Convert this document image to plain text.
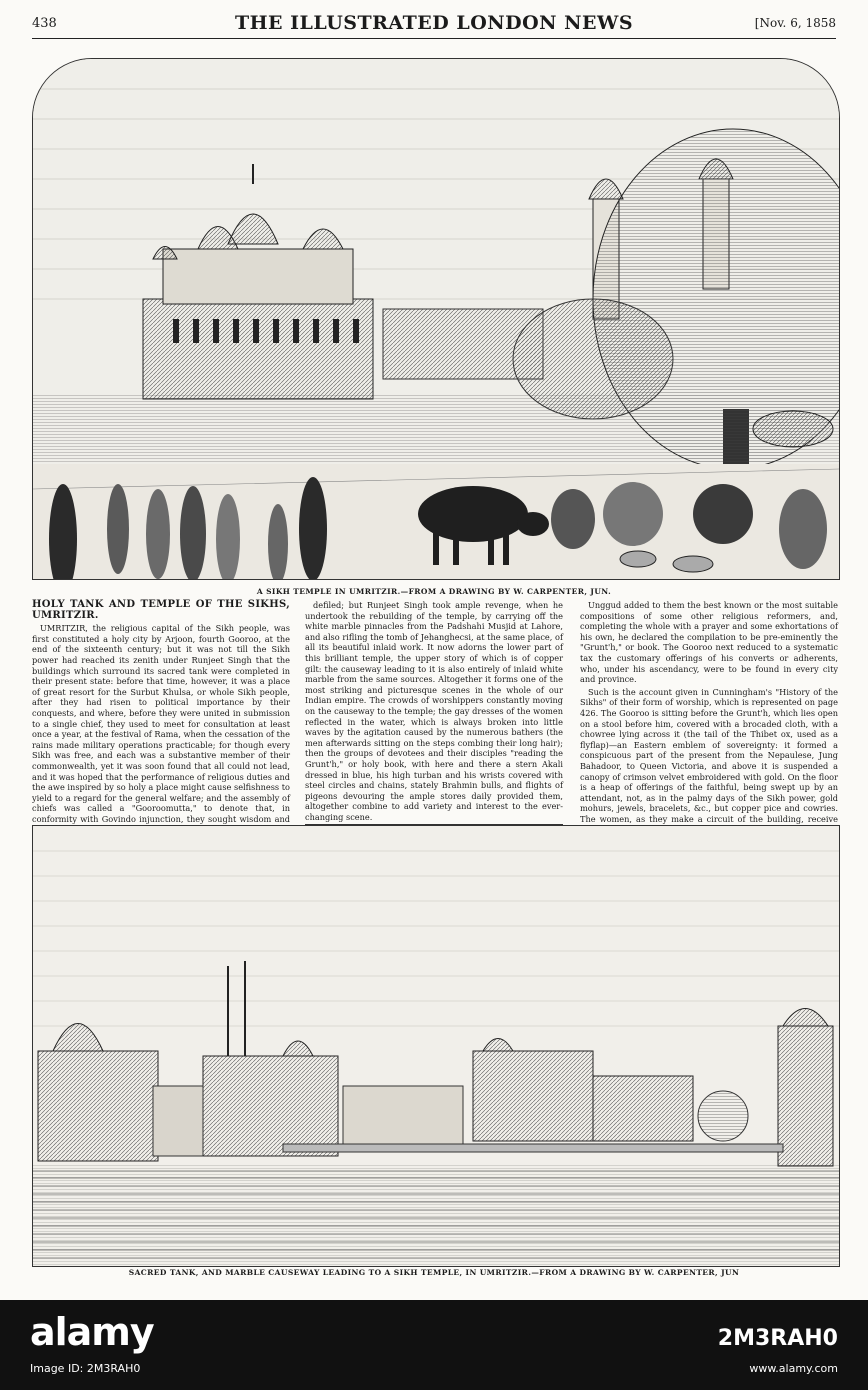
438	THE ILLUSTRATED LONDON NEWS	[Nov. 6, 1858
A SIKH TEMPLE IN UMRITZIR.—FROM A DRAWING BY W. CARPENTER, JUN.

HOLY TANK AND TEMPLE OF THE SIKHS, UMRITZIR.

UMRITZIR, the religious capital of the Sikh people, was first constituted a holy city by Arjoon, fourth Gooroo, at the end of the sixteenth century; but it was not till the Sikh power had reached its zenith under Runjeet Singh that the buildings which surround its sacred tank were completed in their present state: before that time, however, it was a place of great resort for the Surbut Khulsa, or whole Sikh people, after they had risen to political importance by their conquests, and where, before they were united in submission to a single chief, they used to meet for consultation at least once a year, at the festival of Rama, when the cessation of the rains made military operations practicable; for though every Sikh was free, and each was a substantive member of their commonwealth, yet it was soon found that all could not lead, and it was hoped that the performance of religious duties and the awe inspired by so holy a place might cause selfishness to yield to a regard for the general welfare; and the assembly of chiefs was called a "Gooroomutta," to denote that, in conformity with Govindo injunction, they sought wisdom and

defiled; but Runjeet Singh took ample revenge, when he undertook the rebuilding of the temple, by carrying off the white marble pinnacles from the Padshahi Musjid at Lahore, and also rifling the tomb of Jehanghecsi, at the same place, of all its beautiful inlaid work. It now adorns the lower part of this brilliant temple, the upper story of which is of copper gilt: the causeway leading to it is also entirely of inlaid white marble from the same sources. Altogether it forms one of the most striking and picturesque scenes in the whole of our Indian empire. The crowds of worshippers constantly moving on the causeway to the temple; the gay dresses of the women reflected in the water, which is always broken into little waves by the agitation caused by the numerous bathers (the men afterwards sitting on the steps combing their long hair); then the groups of devotees and their disciples "reading the Grunt'h," or holy book, with here and there a stern Akali dressed in blue, his high turban and his wrists covered with steel circles and chains, stately Brahmin bulls, and flights of pigeons devouring the ample stores daily provided them, altogether combine to add variety and interest to the ever-changing scene.

Unggud added to them the best known or the most suitable compositions of some other religious reformers, and, completing the whole with a prayer and some exhortations of his own, he declared the compilation to be pre-eminently the "Grunt'h," or book. The Gooroo next reduced to a systematic tax the customary offerings of his converts or adherents, who, under his ascendancy, were to be found in every city and province.

Such is the account given in Cunningham's "History of the Sikhs" of their form of worship, which is represented on page 426. The Gooroo is sitting before the Grunt'h, which lies open on a stool before him, covered with a brocaded cloth, with a chowree lying across it (the tail of the Thibet ox, used as a flyflap)—an Eastern emblem of sovereignty: it formed a conspicuous part of the present from the Nepaulese, Jung Bahadoor, to Queen Victoria, and above it is suspended a canopy of crimson velvet embroidered with gold. On the floor is a heap of offerings of the faithful, being swept up by an attendant, not, as in the palmy days of the Sikh power, gold mohurs, jewels, bracelets, &c., but copper pice and cowries. The women, as they make a circuit of the building, receive

SACRED TANK, AND MARBLE CAUSEWAY LEADING TO A SIKH TEMPLE, IN UMRITZIR.—FROM A DRAWING BY W. CARPENTER, JUN
alamy
Image ID: 2M3RAH0
2M3RAH0
www.alamy.com
